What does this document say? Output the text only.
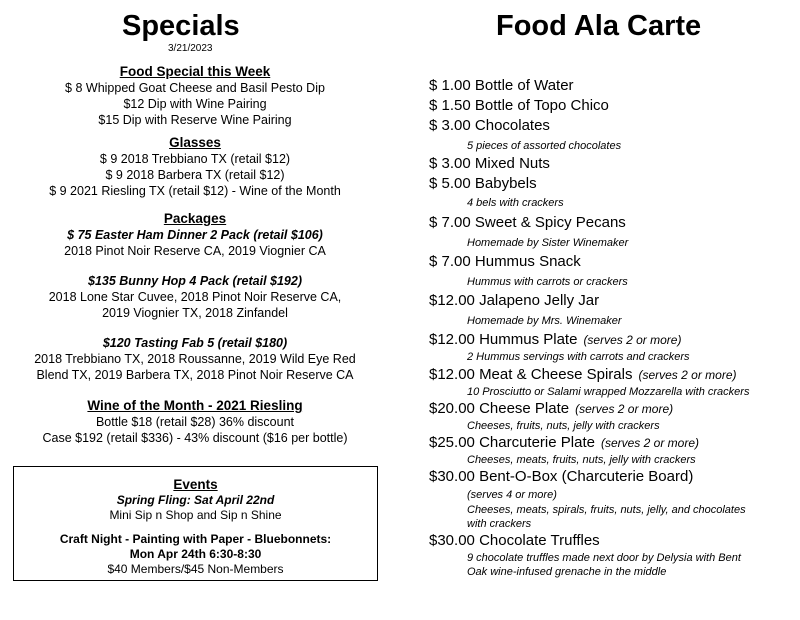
Specials
3/21/2023
Food Special this Week
$ 8 Whipped Goat Cheese and Basil Pesto Dip
$12 Dip with Wine Pairing
$15 Dip with Reserve Wine Pairing
Glasses
$ 9 2018 Trebbiano TX (retail $12)
$ 9 2018 Barbera TX (retail $12)
$ 9 2021 Riesling TX (retail $12) - Wine of the Month
Packages
$ 75 Easter Ham Dinner 2 Pack (retail $106)
2018 Pinot Noir Reserve CA, 2019 Viognier CA
$135 Bunny Hop 4 Pack (retail $192)
2018 Lone Star Cuvee, 2018 Pinot Noir Reserve CA,
2019 Viognier TX, 2018 Zinfandel
$120 Tasting Fab 5 (retail $180)
2018 Trebbiano TX, 2018 Roussanne, 2019 Wild Eye Red
Blend TX, 2019 Barbera TX, 2018 Pinot Noir Reserve CA
Wine of the Month - 2021 Riesling
Bottle $18 (retail $28) 36% discount
Case $192 (retail $336) - 43% discount ($16 per bottle)
Events
Spring Fling: Sat April 22nd
Mini Sip n Shop and Sip n Shine
Craft Night - Painting with Paper - Bluebonnets:
Mon Apr 24th 6:30-8:30
$40 Members/$45 Non-Members
Food Ala Carte
$ 1.00 Bottle of Water
$ 1.50 Bottle of Topo Chico
$ 3.00 Chocolates
5 pieces of assorted chocolates
$ 3.00 Mixed Nuts
$ 5.00 Babybels
4 bels with crackers
$ 7.00 Sweet & Spicy Pecans
Homemade by Sister Winemaker
$ 7.00 Hummus Snack
Hummus with carrots or crackers
$12.00 Jalapeno Jelly Jar
Homemade by Mrs. Winemaker
$12.00 Hummus Plate (serves 2 or more)
2 Hummus servings with carrots and crackers
$12.00 Meat & Cheese Spirals (serves 2 or more)
10 Prosciutto or Salami wrapped Mozzarella with crackers
$20.00 Cheese Plate (serves 2 or more)
Cheeses, fruits, nuts, jelly with crackers
$25.00 Charcuterie Plate (serves 2 or more)
Cheeses, meats, fruits, nuts, jelly with crackers
$30.00 Bent-O-Box (Charcuterie Board)
(serves 4 or more)
Cheeses, meats, spirals, fruits, nuts, jelly, and chocolates
with crackers
$30.00 Chocolate Truffles
9 chocolate truffles made next door by Delysia with Bent
Oak wine-infused grenache in the middle
